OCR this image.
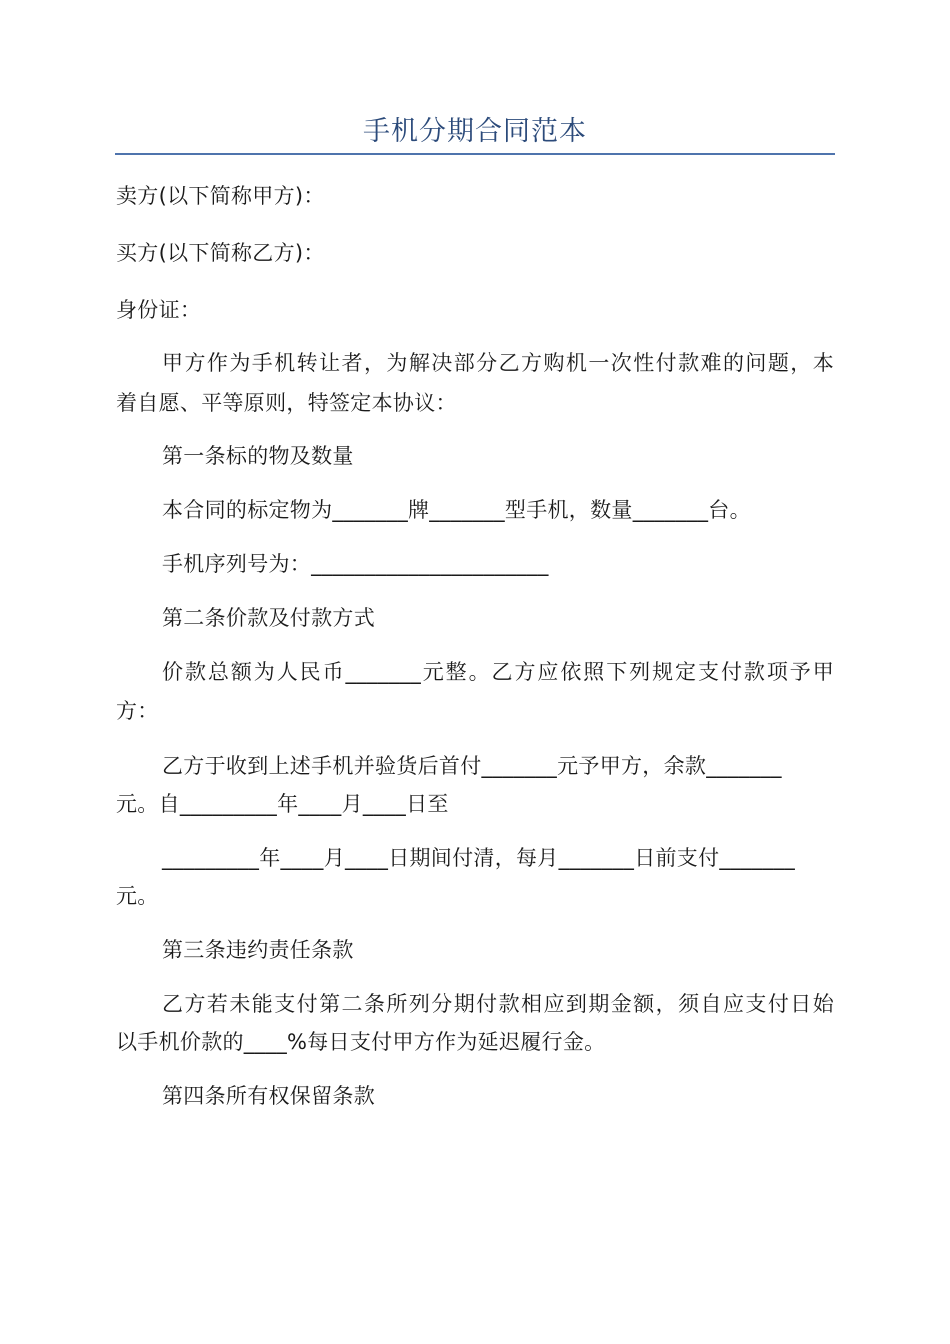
手机分期合同范本
卖方(以下简称甲方)：
买方(以下简称乙方)：
身份证：
甲方作为手机转让者，为解决部分乙方购机一次性付款难的问题，本
着自愿、平等原则，特签定本协议：
第一条标的物及数量
本合同的标定物为_______牌_______型手机，数量_______台。
手机序列号为：______________________
第二条价款及付款方式
价款总额为人民币_______元整。乙方应依照下列规定支付款项予甲
方：
乙方于收到上述手机并验货后首付_______元予甲方，余款_______
元。自_________年____月____日至
_________年____月____日期间付清，每月_______日前支付_______
元。
第三条违约责任条款
乙方若未能支付第二条所列分期付款相应到期金额，须自应支付日始
以手机价款的____%每日支付甲方作为延迟履行金。
第四条所有权保留条款
